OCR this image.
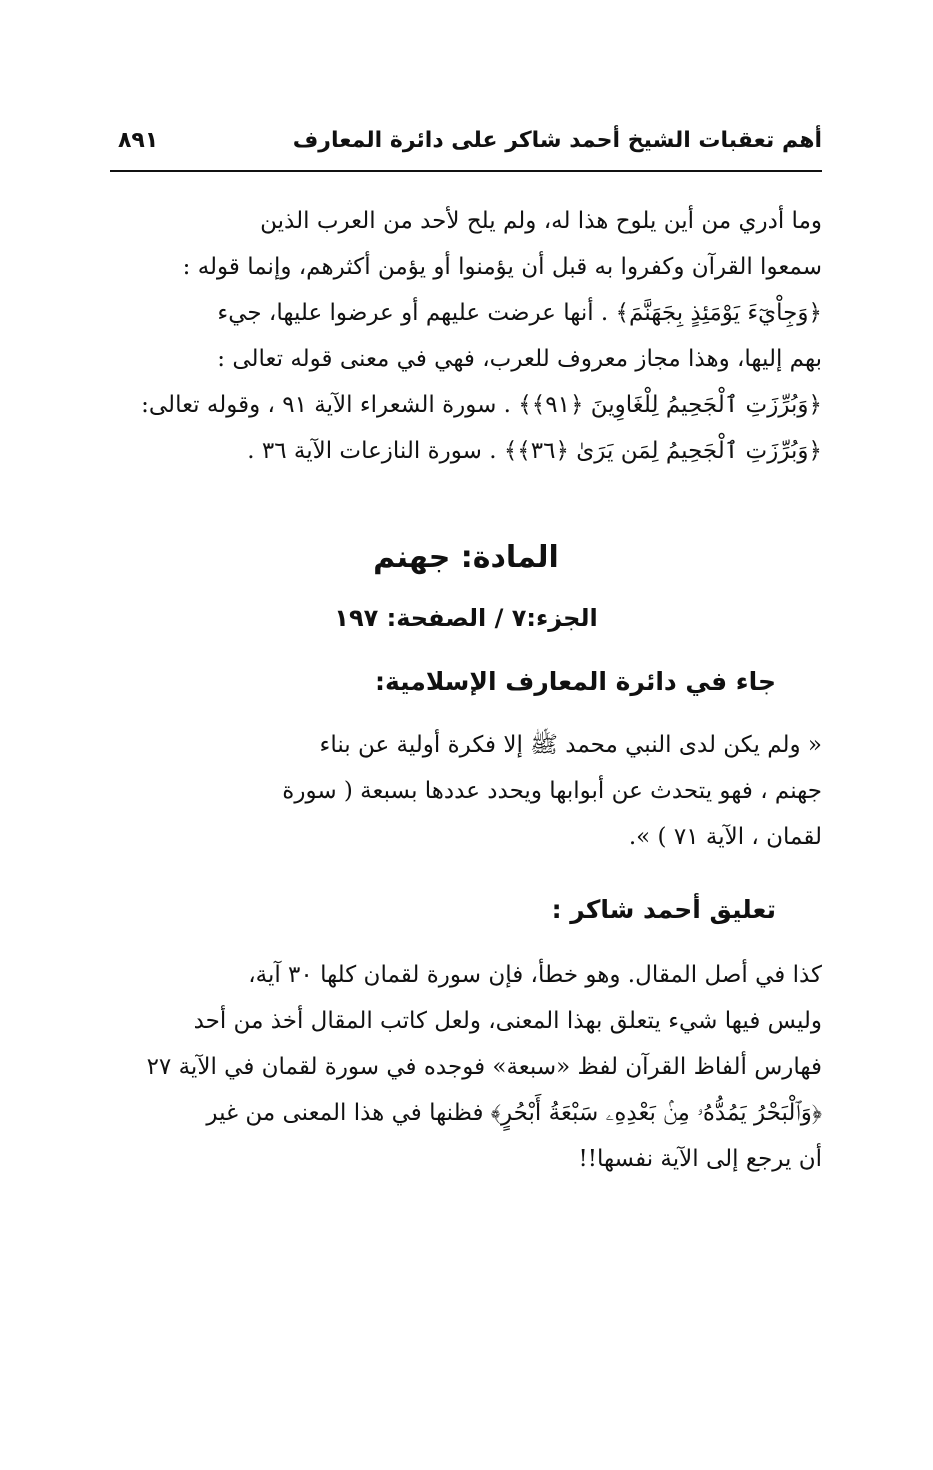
أهم تعقبات الشيخ أحمد شاكر على دائرة المعارف
٨٩١

وما أدري من أين يلوح هذا له، ولم يلح لأحد من العرب الذين
سمعوا القرآن وكفروا به قبل أن يؤمنوا أو يؤمن أكثرهم، وإنما قوله :
﴿وَجِاْيٓءَ يَوْمَئِذٍ بِجَهَنَّمَ﴾ . أنها عرضت عليهم أو عرضوا عليها، جيء
بهم إليها، وهذا مجاز معروف للعرب، فهي في معنى قوله تعالى :
﴿وَبُرِّزَتِ ٱلْجَحِيمُ لِلْغَاوِينَ ﴿٩١﴾﴾ . سورة الشعراء الآية ٩١ ، وقوله تعالى:
﴿وَبُرِّزَتِ ٱلْجَحِيمُ لِمَن يَرَىٰ ﴿٣٦﴾﴾ . سورة النازعات الآية ٣٦ .

المادة: جهنم
الجزء:٧ / الصفحة: ١٩٧
جاء في دائرة المعارف الإسلامية:

« ولم يكن لدى النبي محمد ﷺ إلا فكرة أولية عن بناء
جهنم ، فهو يتحدث عن أبوابها ويحدد عددها بسبعة ( سورة
لقمان ، الآية ٧١ ) ».

تعليق أحمد شاكر :

كذا في أصل المقال. وهو خطأ، فإن سورة لقمان كلها ٣٠ آية،
وليس فيها شيء يتعلق بهذا المعنى، ولعل كاتب المقال أخذ من أحد
فهارس ألفاظ القرآن لفظ «سبعة» فوجده في سورة لقمان في الآية ٢٧
﴿وَٱلْبَحْرُ يَمُدُّهُۥ مِنۢ بَعْدِهِۦ سَبْعَةُ أَبْحُرٍ﴾ فظنها في هذا المعنى من غير
أن يرجع إلى الآية نفسها!!
